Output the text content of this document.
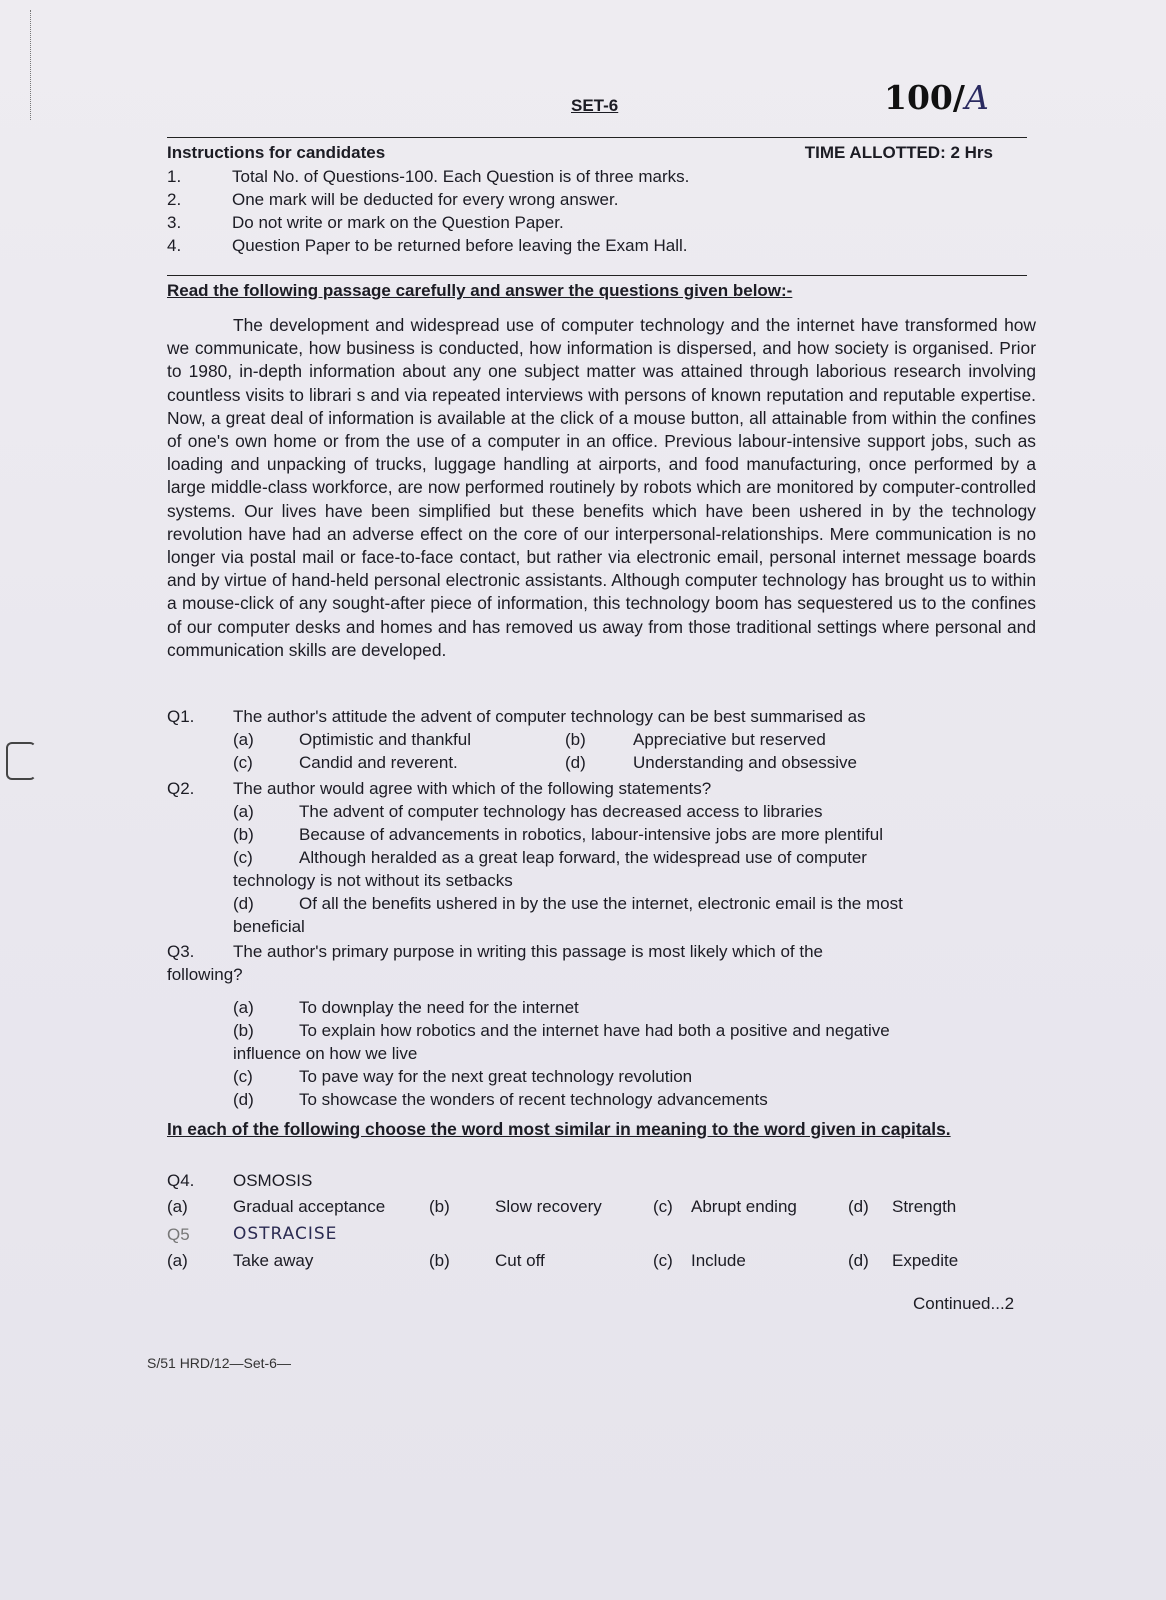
SET-6	100/A
Instructions for candidates	TIME ALLOTTED: 2 Hrs
1.	Total No. of Questions-100. Each Question is of three marks.
2.	One mark will be deducted for every wrong answer.
3.	Do not write or mark on the Question Paper.
4.	Question Paper to be returned before leaving the Exam Hall.
Read the following passage carefully and answer the questions given below:-

The development and widespread use of computer technology and the internet have transformed how we communicate, how business is conducted, how information is dispersed, and how society is organised. Prior to 1980, in-depth information about any one subject matter was attained through laborious research involving countless visits to librari s and via repeated interviews with persons of known reputation and reputable expertise. Now, a great deal of information is available at the click of a mouse button, all attainable from within the confines of one's own home or from the use of a computer in an office. Previous labour-intensive support jobs, such as loading and unpacking of trucks, luggage handling at airports, and food manufacturing, once performed by a large middle-class workforce, are now performed routinely by robots which are monitored by computer-controlled systems. Our lives have been simplified but these benefits which have been ushered in by the technology revolution have had an adverse effect on the core of our interpersonal-relationships. Mere communication is no longer via postal mail or face-to-face contact, but rather via electronic email, personal internet message boards and by virtue of hand-held personal electronic assistants. Although computer technology has brought us to within a mouse-click of any sought-after piece of information, this technology boom has sequestered us to the confines of our computer desks and homes and has removed us away from those traditional settings where personal and communication skills are developed.

Q1.	The author's attitude the advent of computer technology can be best summarised as
(a)	Optimistic and thankful	(b)	Appreciative but reserved
(c)	Candid and reverent.	(d)	Understanding and obsessive
Q2.	The author would agree with which of the following statements?
(a)	The advent of computer technology has decreased access to libraries
(b)	Because of advancements in robotics, labour-intensive jobs are more plentiful
(c)	Although heralded as a great leap forward, the widespread use of computer
technology is not without its setbacks
(d)	Of all the benefits ushered in by the use the internet, electronic email is the most
beneficial
Q3.	The author's primary purpose in writing this passage is most likely which of the
following?
(a)	To downplay the need for the internet
(b)	To explain how robotics and the internet have had both a positive and negative
influence on how we live
(c)	To pave way for the next great technology revolution
(d)	To showcase the wonders of recent technology advancements
In each of the following choose the word most similar in meaning to the word given in capitals.
Q4.	OSMOSIS
(a)	Gradual acceptance	(b)	Slow recovery	(c)	Abrupt ending	(d)	Strength
Q5	OSTRACISE
(a)	Take away	(b)	Cut off	(c)	Include	(d)	Expedite
Continued...2
S/51 HRD/12—Set-6—
